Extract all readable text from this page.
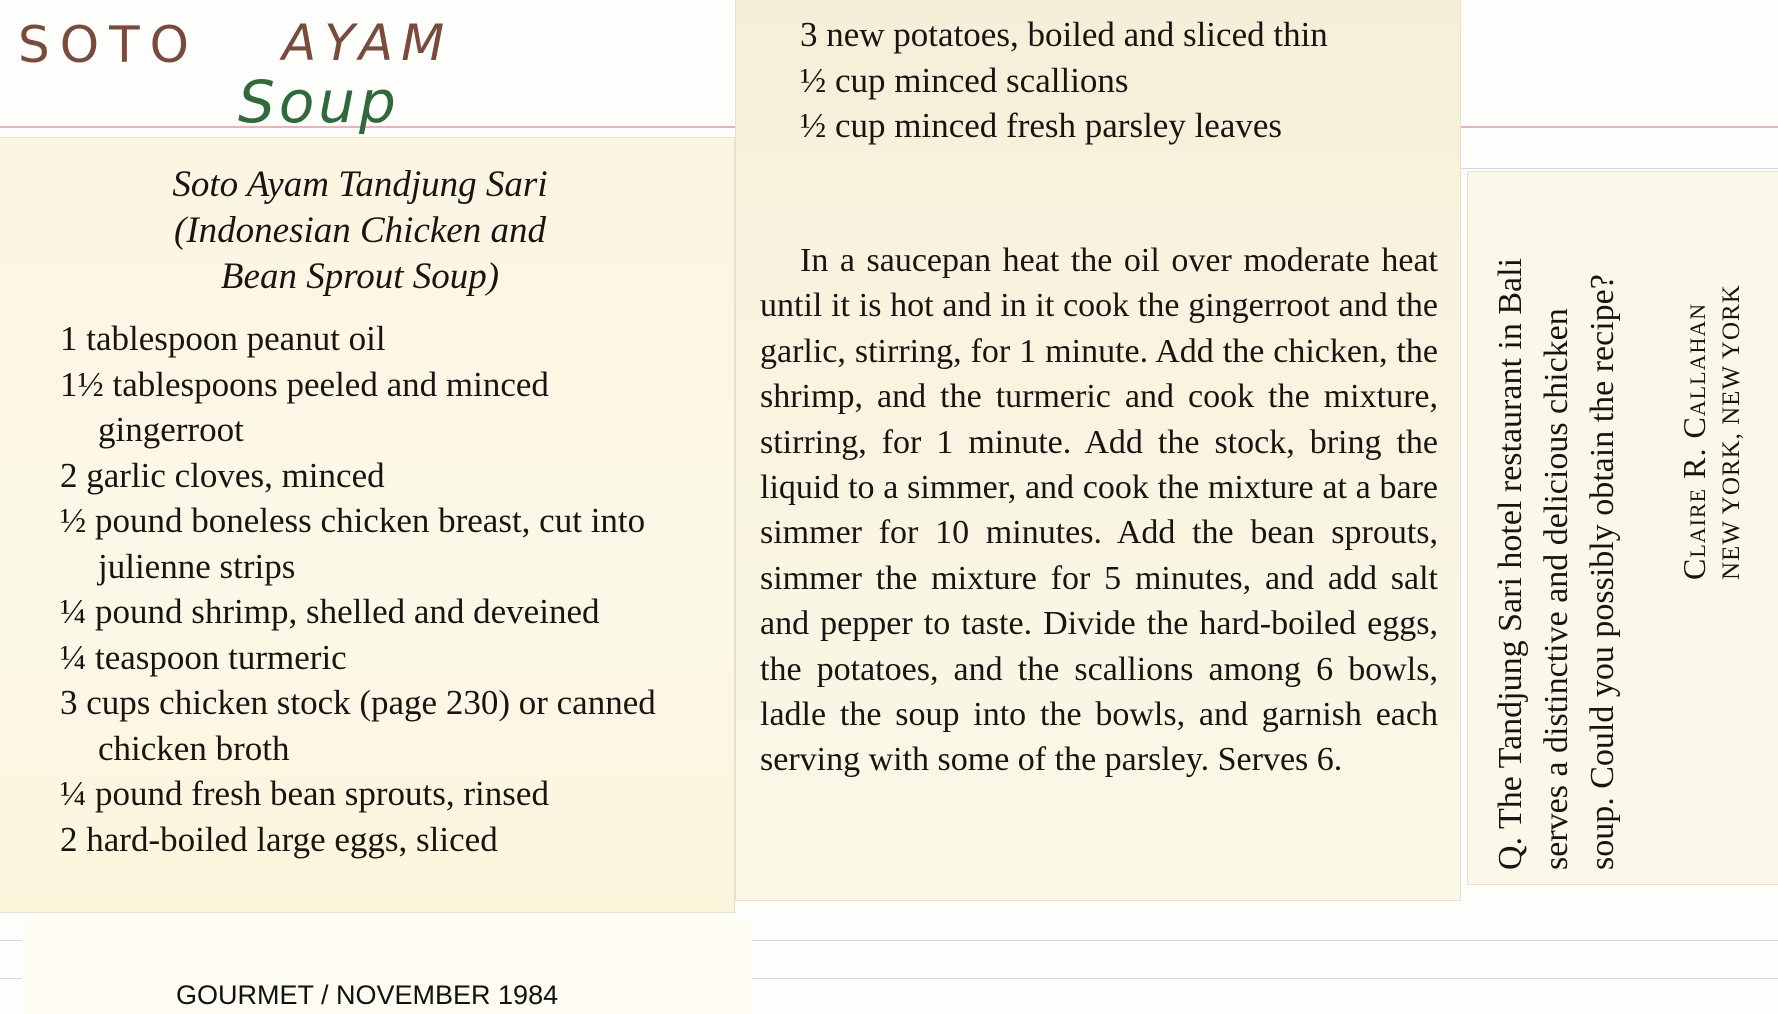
SOTO AYAM
Soup
Soto Ayam Tandjung Sari
(Indonesian Chicken and
Bean Sprout Soup)

1 tablespoon peanut oil

1½ tablespoons peeled and minced gingerroot

2 garlic cloves, minced

½ pound boneless chicken breast, cut into julienne strips

¼ pound shrimp, shelled and deveined

¼ teaspoon turmeric

3 cups chicken stock (page 230) or canned chicken broth

¼ pound fresh bean sprouts, rinsed

2 hard-boiled large eggs, sliced

GOURMET / NOVEMBER 1984

3 new potatoes, boiled and sliced thin

½ cup minced scallions

½ cup minced fresh parsley leaves

In a saucepan heat the oil over moderate heat until it is hot and in it cook the gingerroot and the garlic, stirring, for 1 minute. Add the chicken, the shrimp, and the turmeric and cook the mixture, stirring, for 1 minute. Add the stock, bring the liquid to a simmer, and cook the mixture at a bare simmer for 10 minutes. Add the bean sprouts, simmer the mixture for 5 minutes, and add salt and pepper to taste. Divide the hard-boiled eggs, the potatoes, and the scallions among 6 bowls, ladle the soup into the bowls, and garnish each serving with some of the parsley. Serves 6.	Q. The Tandjung Sari hotel restaurant in Bali serves a distinctive and delicious chicken soup. Could you possibly obtain the recipe? Claire R. Callahan NEW YORK, NEW YORK
